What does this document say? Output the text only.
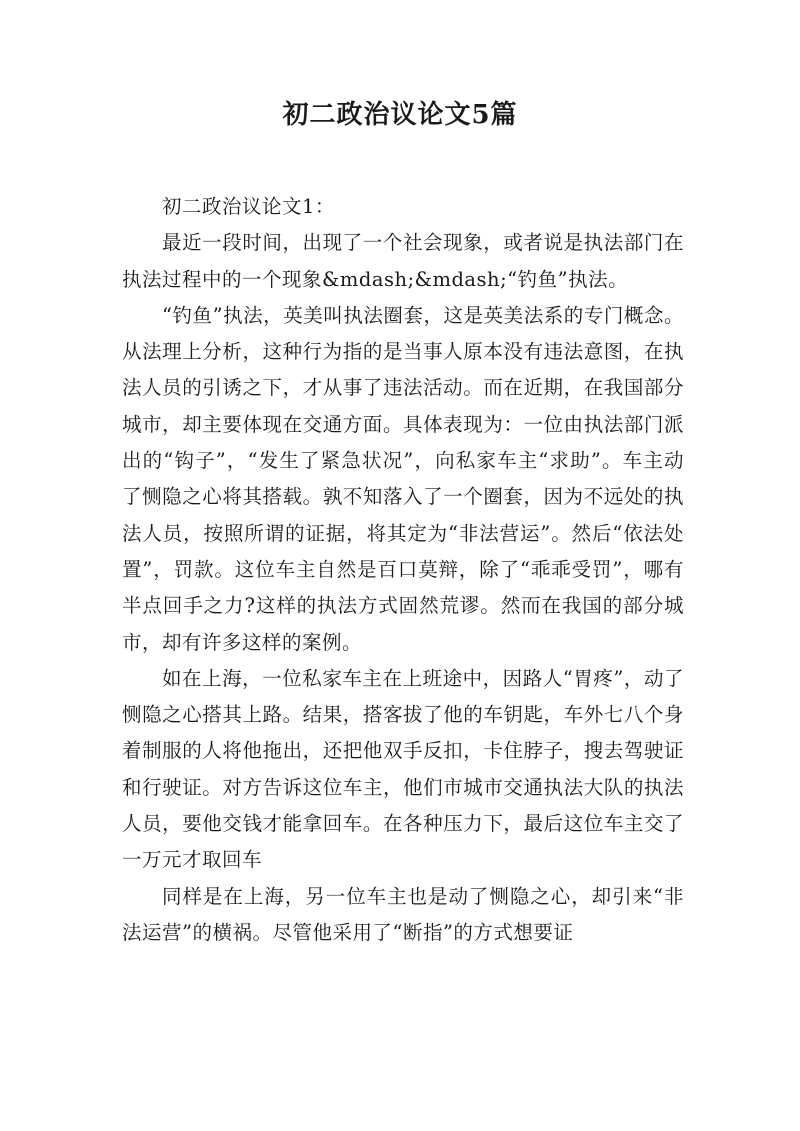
初二政治议论文5篇

初二政治议论文1：

最近一段时间，出现了一个社会现象，或者说是执法部门在执法过程中的一个现象&mdash;&mdash;“钓鱼”执法。

“钓鱼”执法，英美叫执法圈套，这是英美法系的专门概念。从法理上分析，这种行为指的是当事人原本没有违法意图，在执法人员的引诱之下，才从事了违法活动。而在近期，在我国部分城市，却主要体现在交通方面。具体表现为：一位由执法部门派出的“钩子”，“发生了紧急状况”，向私家车主“求助”。车主动了恻隐之心将其搭载。孰不知落入了一个圈套，因为不远处的执法人员，按照所谓的证据，将其定为“非法营运”。然后“依法处置”，罚款。这位车主自然是百口莫辩，除了“乖乖受罚”，哪有半点回手之力?这样的执法方式固然荒谬。然而在我国的部分城市，却有许多这样的案例。

如在上海，一位私家车主在上班途中，因路人“胃疼”，动了恻隐之心搭其上路。结果，搭客拔了他的车钥匙，车外七八个身着制服的人将他拖出，还把他双手反扣，卡住脖子，搜去驾驶证和行驶证。对方告诉这位车主，他们市城市交通执法大队的执法人员，要他交钱才能拿回车。在各种压力下，最后这位车主交了一万元才取回车

同样是在上海，另一位车主也是动了恻隐之心，却引来“非法运营”的横祸。尽管他采用了“断指”的方式想要证
